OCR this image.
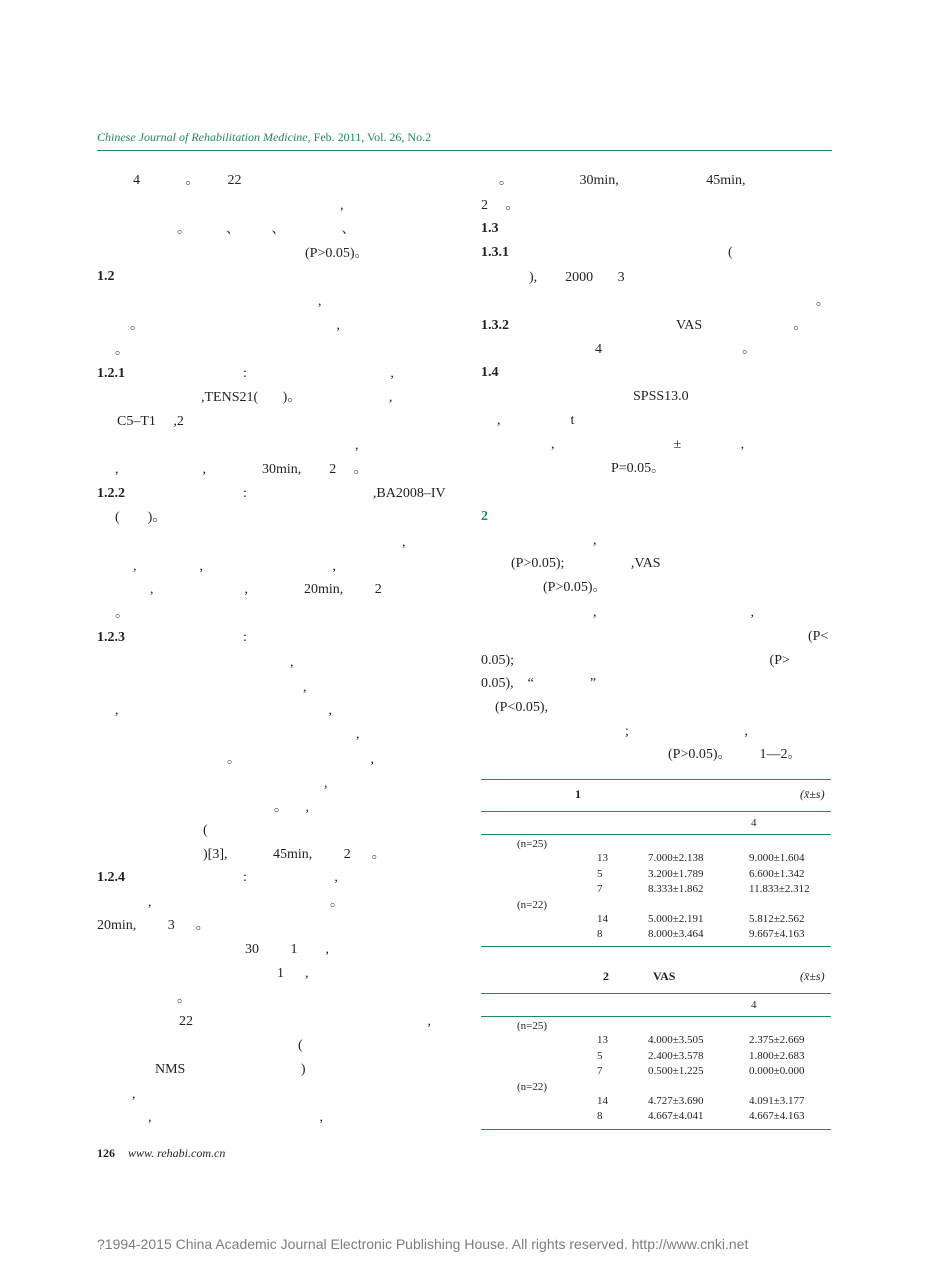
Chinese Journal of Rehabilitation Medicine, Feb. 2011, Vol. 26, No.2
4             。        22
,
。          、         、                、
(P>0.05)。
1.2
,
。                                                       ,
。
1.2.1	:                                         ,
,TENS21(       )。                         ,
C5–T1     ,2
,
,                        ,                30min,        2     。
1.2.2	:                                    ,BA2008–IV
(        )。
,
,                  ,                                     ,
,                          ,                20min,         2
。
1.2.3	:
,
,
,                                                            ,
,
。                                     ,
,
。     ,
(
)[3],             45min,         2      。
1.2.4	:                         ,
,                                                   。
20min,         3      。
30         1        ,
1      ,
。
22                                                                   ,
(
NMS                                 )
,
,                                                ,
。                   30min,                         45min,
2     。
1.3
1.3.1	(
),        2000       3
。
1.3.2	VAS                          。
4                                        。
1.4
SPSS13.0
,                    t
,                                  ±                 ,
P=0.05。
2
,
(P>0.05);                   ,VAS
(P>0.05)。
,                                            ,
(P<
0.05);                                                                         (P>
0.05),    “                ”
(P<0.05),
;                                 ,
(P>0.05)。        1—2。
1	(x̄±s)
4
(n=25)
13	7.000±2.138	9.000±1.604
5	3.200±1.789	6.600±1.342
7	8.333±1.862	11.833±2.312
(n=22)
14	5.000±2.191	5.812±2.562
8	8.000±3.464	9.667±4.163
2	VAS	(x̄±s)
4
(n=25)
13	4.000±3.505	2.375±2.669
5	2.400±3.578	1.800±2.683
7	0.500±1.225	0.000±0.000
(n=22)
14	4.727±3.690	4.091±3.177
8	4.667±4.041	4.667±4.163
126 www. rehabi.com.cn
?1994-2015 China Academic Journal Electronic Publishing House. All rights reserved. http://www.cnki.net
